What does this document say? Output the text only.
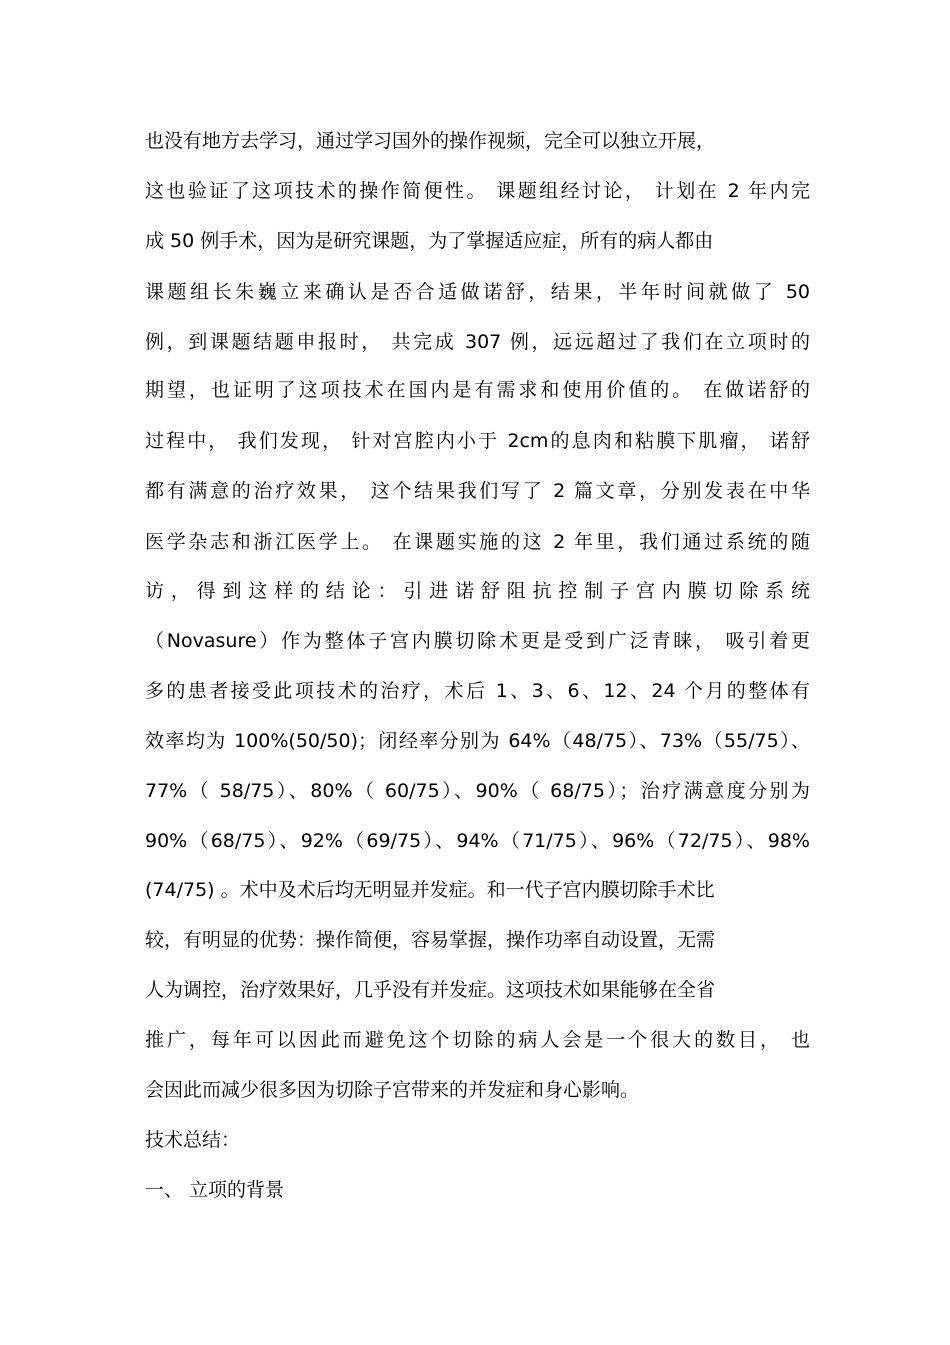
也没有地方去学习，通过学习国外的操作视频，完全可以独立开展，
这也验证了这项技术的操作简便性。 课题组经讨论， 计划在 2 年内完
成 50 例手术，因为是研究课题，为了掌握适应症，所有的病人都由
课题组长朱巍立来确认是否合适做诺舒，结果，半年时间就做了 50
例，到课题结题申报时， 共完成 307 例，远远超过了我们在立项时的
期望，也证明了这项技术在国内是有需求和使用价值的。 在做诺舒的
过程中， 我们发现， 针对宫腔内小于 2cm的息肉和粘膜下肌瘤， 诺舒
都有满意的治疗效果， 这个结果我们写了 2 篇文章，分别发表在中华
医学杂志和浙江医学上。 在课题实施的这 2 年里，我们通过系统的随
访 ， 得 到 这 样 的 结 论 ： 引 进 诺 舒 阻 抗 控 制 子 宫 内 膜 切 除 系 统
（Novasure）作为整体子宫内膜切除术更是受到广泛青睐， 吸引着更
多的患者接受此项技术的治疗，术后 1、3、6、12、24 个月的整体有
效率均为 100%(50/50)；闭经率分别为 64%（48/75）、73%（55/75）、
77%（ 58/75）、80%（ 60/75）、90%（ 68/75）；治疗满意度分别为
90%（68/75）、92%（69/75）、94%（71/75）、96%（72/75）、98%
(74/75) 。术中及术后均无明显并发症。和一代子宫内膜切除手术比
较，有明显的优势：操作简便，容易掌握，操作功率自动设置，无需
人为调控，治疗效果好，几乎没有并发症。这项技术如果能够在全省
推广，每年可以因此而避免这个切除的病人会是一个很大的数目， 也
会因此而减少很多因为切除子宫带来的并发症和身心影响。
技术总结：
一、 立项的背景
